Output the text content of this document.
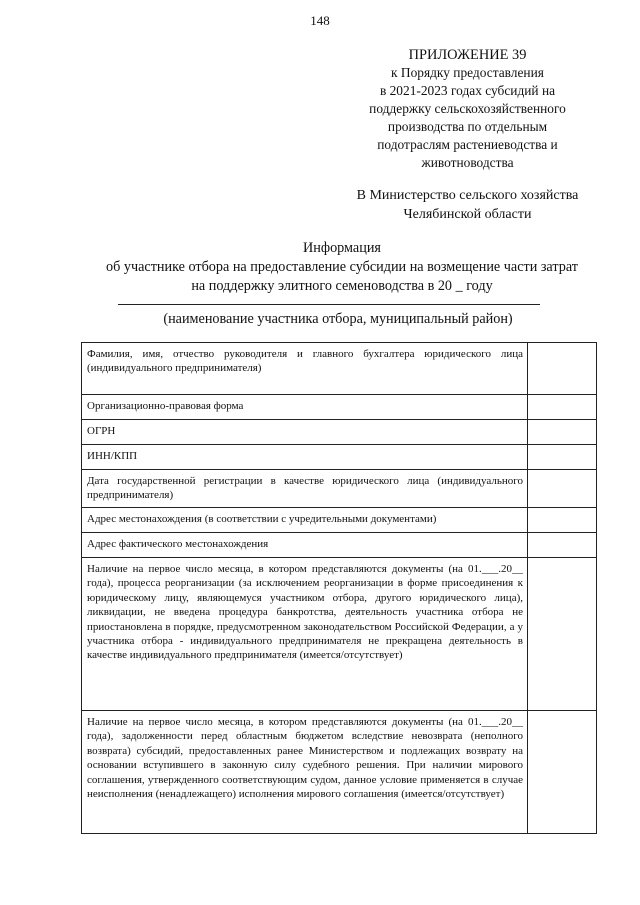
148
ПРИЛОЖЕНИЕ 39
к Порядку предоставления
в 2021-2023 годах субсидий на
поддержку сельскохозяйственного
производства по отдельным
подотраслям растениеводства и
животноводства
В Министерство сельского хозяйства
Челябинской области
Информация
об участнике отбора на предоставление субсидии на возмещение части затрат
на поддержку элитного семеноводства в 20 _ году
(наименование участника отбора, муниципальный район)
Фамилия, имя, отчество руководителя и главного бухгалтера юридического лица (индивидуального предпринимателя)	
Организационно-правовая форма	
ОГРН	
ИНН/КПП	
Дата государственной регистрации в качестве юридического лица (индивидуального предпринимателя)	
Адрес местонахождения (в соответствии с учредительными документами)	
Адрес фактического местонахождения	
Наличие на первое число месяца, в котором представляются документы (на 01.___.20__ года), процесса реорганизации (за исключением реорганизации в форме присоединения к юридическому лицу, являющемуся участником отбора, другого юридического лица), ликвидации, не введена процедура банкротства, деятельность участника отбора не приостановлена в порядке, предусмотренном законодательством Российской Федерации, а у участника отбора - индивидуального предпринимателя не прекращена деятельность в качестве индивидуального предпринимателя (имеется/отсутствует)	
Наличие на первое число месяца, в котором представляются документы (на 01.___.20__ года), задолженности перед областным бюджетом вследствие невозврата (неполного возврата) субсидий, предоставленных ранее Министерством и подлежащих возврату на основании вступившего в законную силу судебного решения. При наличии мирового соглашения, утвержденного соответствующим судом, данное условие применяется в случае неисполнения (ненадлежащего) исполнения мирового соглашения (имеется/отсутствует)	
